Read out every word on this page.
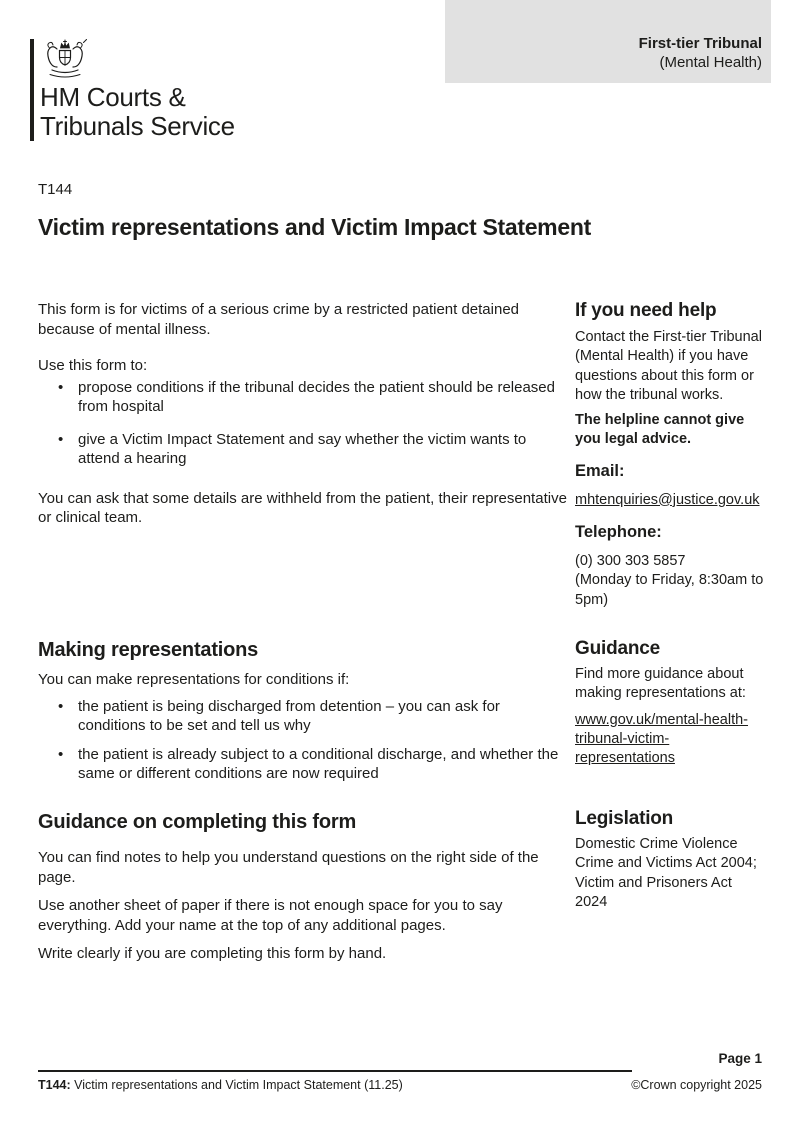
First-tier Tribunal
(Mental Health)
HM Courts &
Tribunals Service
T144
Victim representations and Victim Impact Statement

This form is for victims of a serious crime by a restricted patient detained because of mental illness.

Use this form to:

• propose conditions if the tribunal decides the patient should be released from hospital
• give a Victim Impact Statement and say whether the victim wants to attend a hearing

You can ask that some details are withheld from the patient, their representative or clinical team.

Making representations

You can make representations for conditions if:

• the patient is being discharged from detention – you can ask for conditions to be set and tell us why
• the patient is already subject to a conditional discharge, and whether the same or different conditions are now required
Guidance on completing this form

You can find notes to help you understand questions on the right side of the page.

Use another sheet of paper if there is not enough space for you to say everything. Add your name at the top of any additional pages.

Write clearly if you are completing this form by hand.

If you need help

Contact the First-tier Tribunal (Mental Health) if you have questions about this form or how the tribunal works.

The helpline cannot give you legal advice.

Email:

mhtenquiries@justice.gov.uk

Telephone:

(0) 300 303 5857

(Monday to Friday, 8:30am to 5pm)

Guidance

Find more guidance about making representations at:

www.gov.uk/mental-health-tribunal-victim-representations
Legislation

Domestic Crime Violence Crime and Victims Act 2004; Victim and Prisoners Act 2024

Page 1
T144: Victim representations and Victim Impact Statement (11.25)	©Crown copyright 2025
